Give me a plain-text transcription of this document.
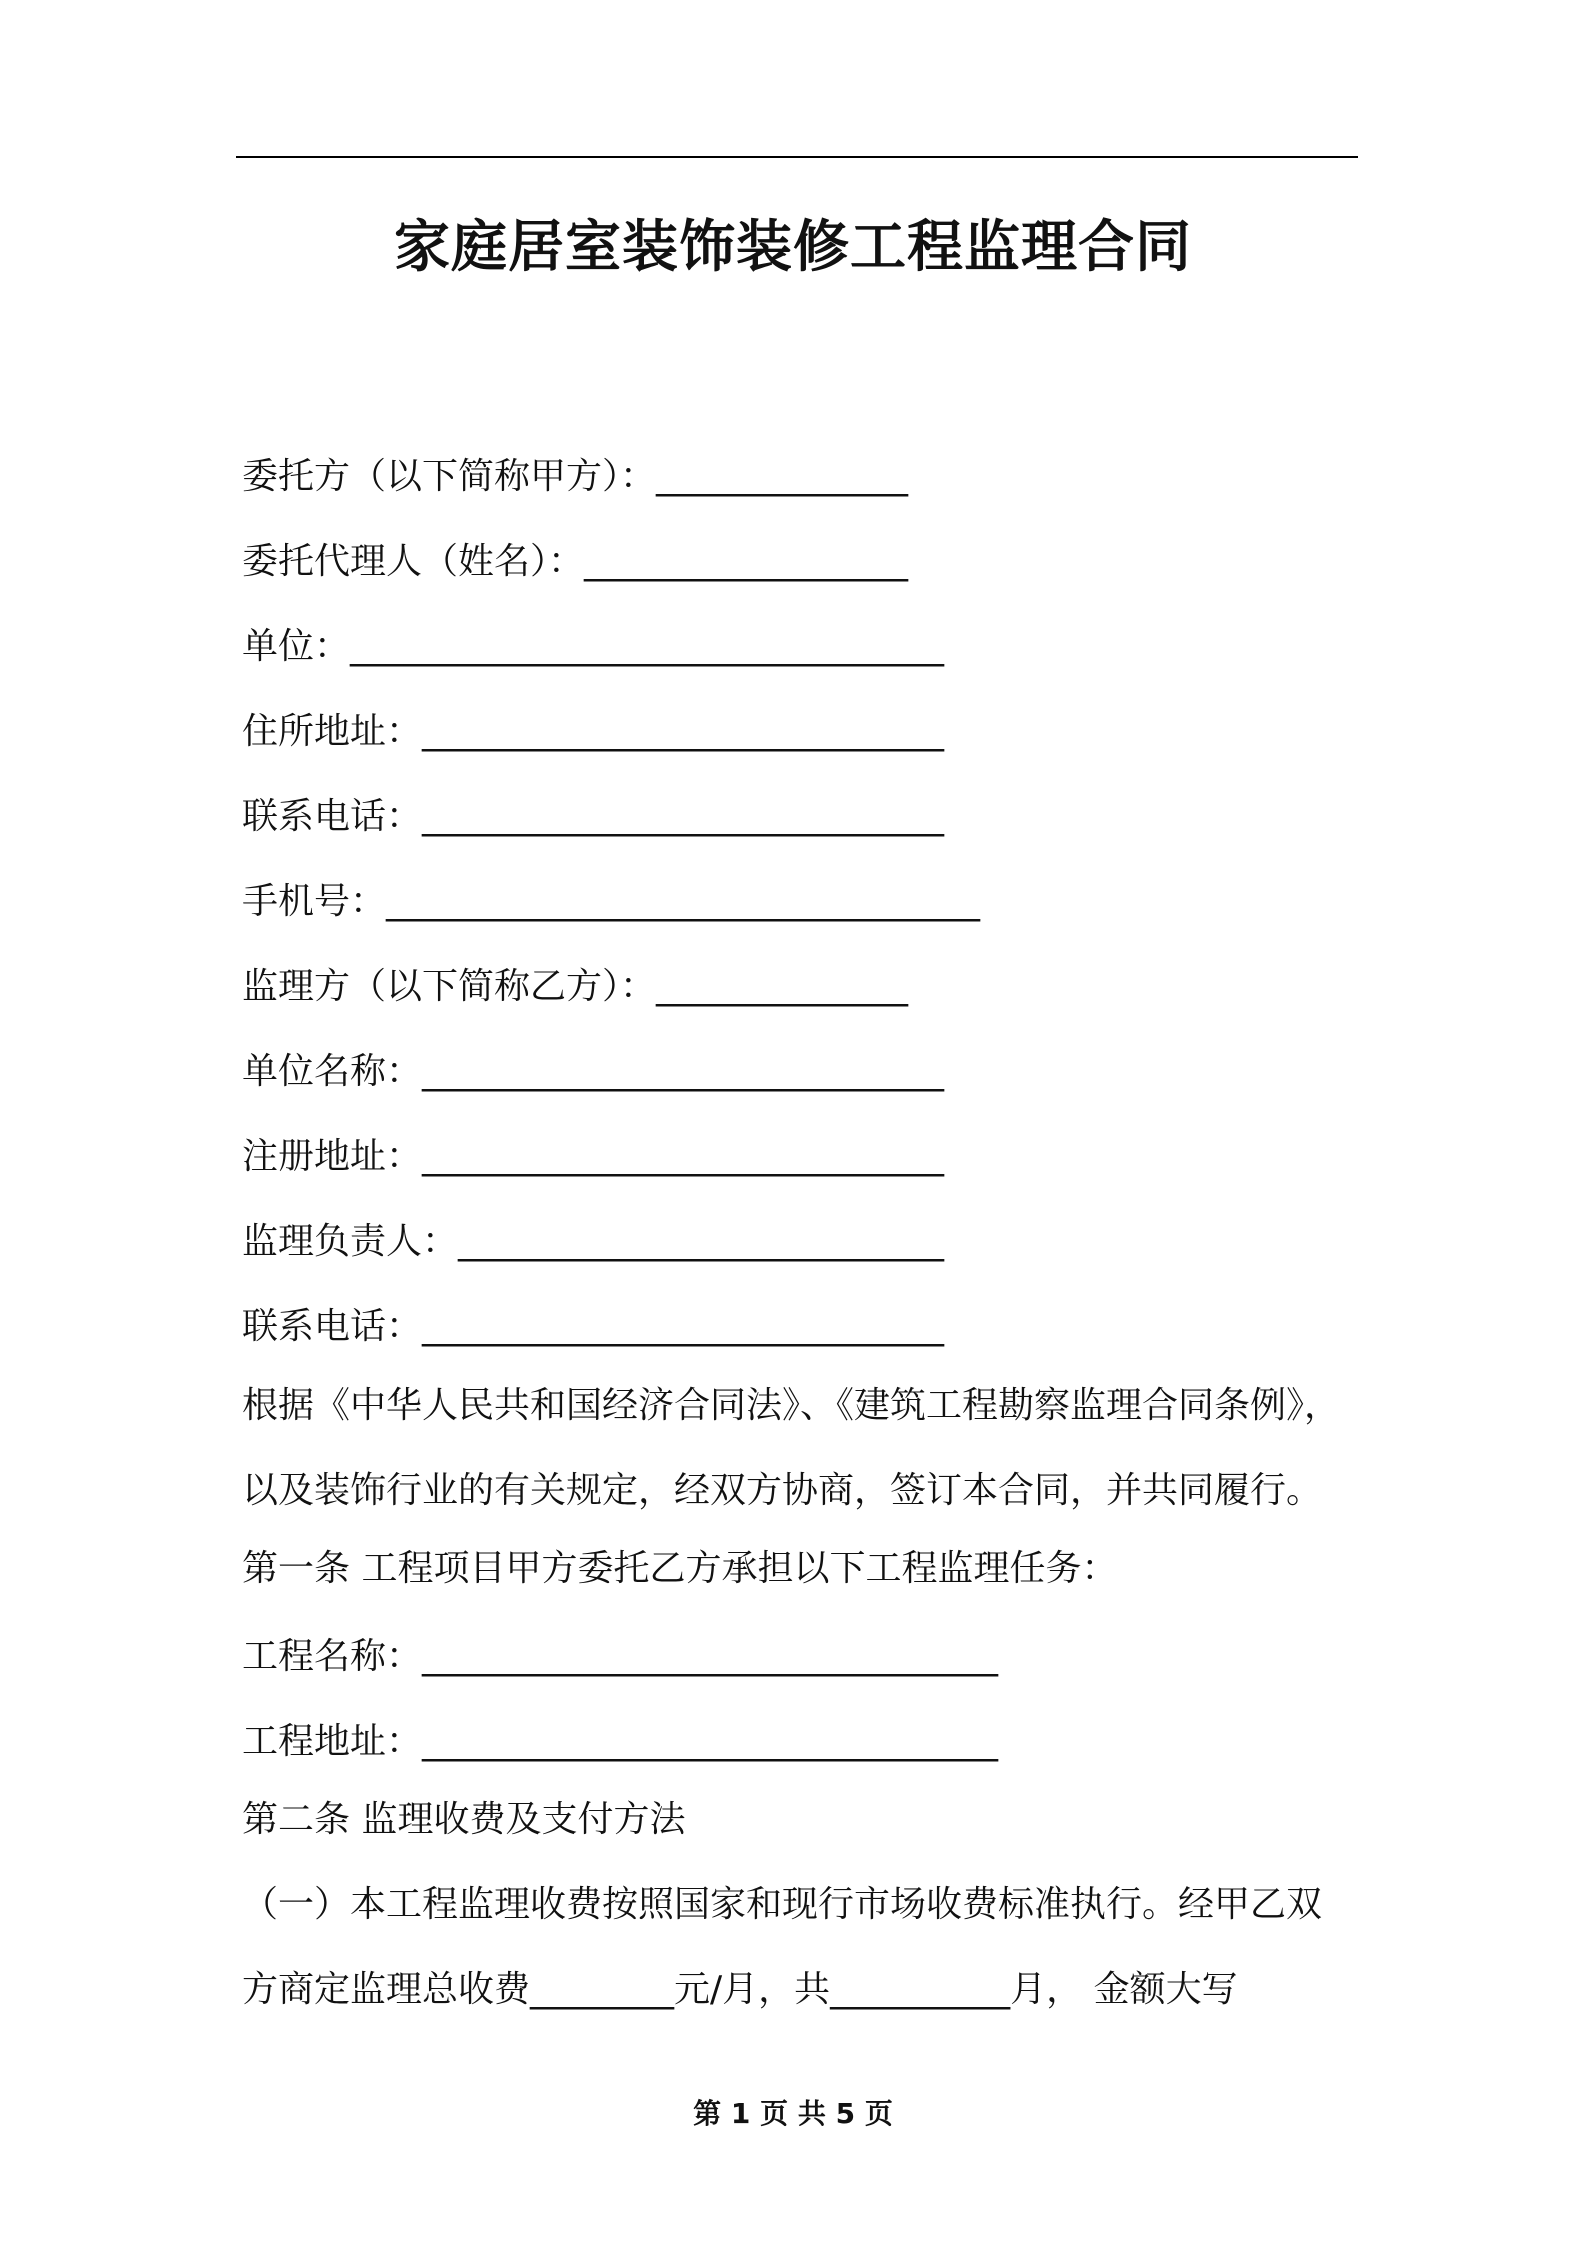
家庭居室装饰装修工程监理合同
委托方（以下简称甲方）：______________
委托代理人（姓名）：__________________
单位：_________________________________
住所地址：_____________________________
联系电话：_____________________________
手机号：_________________________________
监理方（以下简称乙方）：______________
单位名称：_____________________________
注册地址：_____________________________
监理负责人：___________________________
联系电话：_____________________________
根据《中华人民共和国经济合同法》、《建筑工程勘察监理合同条例》，
以及装饰行业的有关规定，经双方协商，签订本合同，并共同履行。
第一条 工程项目甲方委托乙方承担以下工程监理任务：
工程名称：________________________________
工程地址：________________________________
第二条 监理收费及支付方法
（一）本工程监理收费按照国家和现行市场收费标准执行。经甲乙双
方商定监理总收费________元/月，共__________月， 金额大写
第 1 页 共 5 页
